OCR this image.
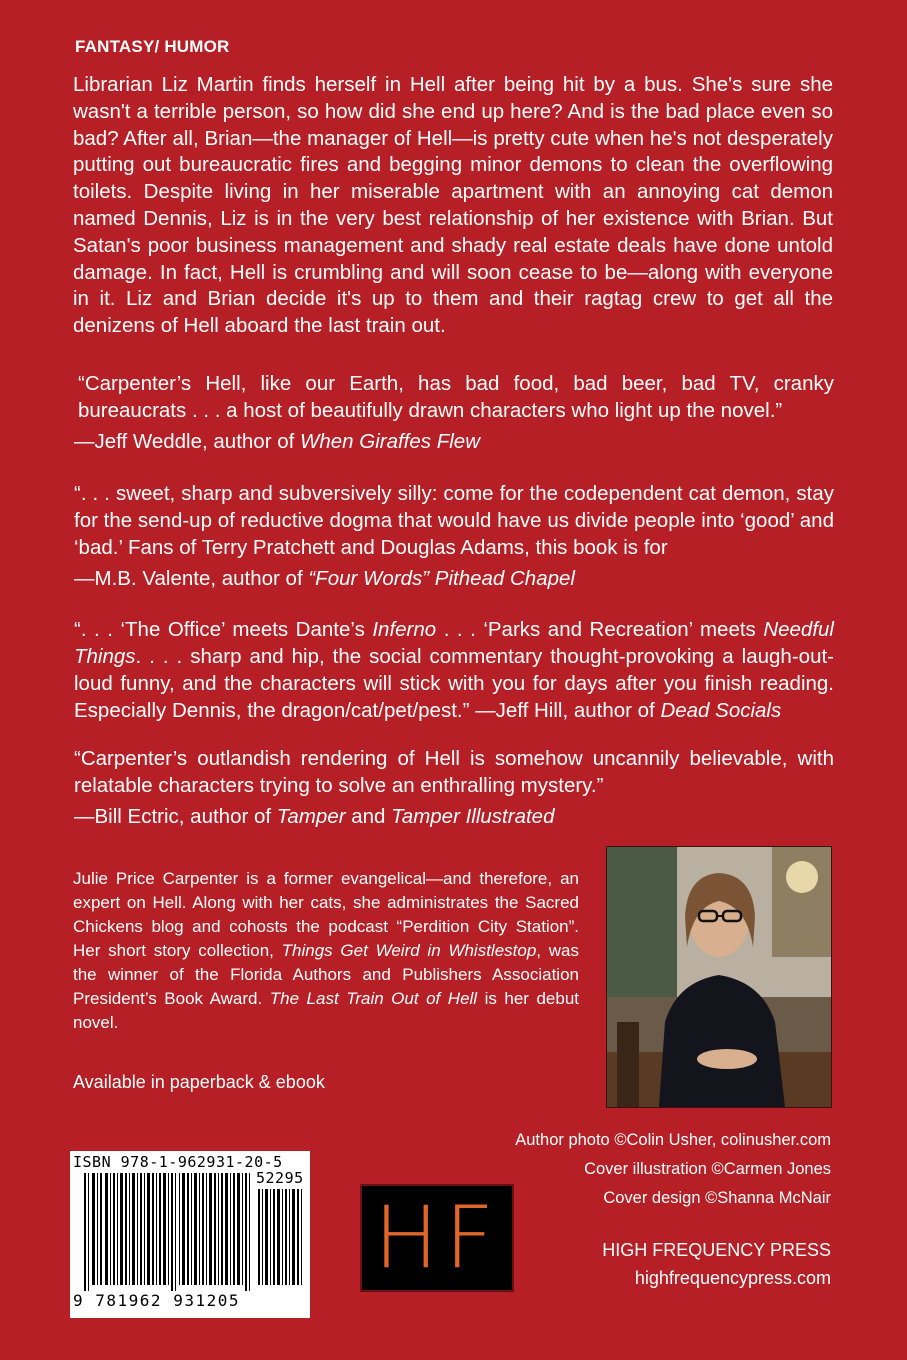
FANTASY/ HUMOR
Librarian Liz Martin finds herself in Hell after being hit by a bus. She's sure she wasn't a terrible person, so how did she end up here? And is the bad place even so bad? After all, Brian—the manager of Hell—is pretty cute when he's not desperately putting out bureaucratic fires and begging minor demons to clean the overflowing toilets. Despite living in her miserable apartment with an annoying cat demon named Dennis, Liz is in the very best relationship of her existence with Brian. But Satan's poor business management and shady real estate deals have done untold damage. In fact, Hell is crumbling and will soon cease to be—along with everyone in it. Liz and Brian decide it's up to them and their ragtag crew to get all the denizens of Hell aboard the last train out.
“Carpenter’s Hell, like our Earth, has bad food, bad beer, bad TV, cranky bureaucrats . . . a host of beautifully drawn characters who light up the novel.”
—Jeff Weddle, author of When Giraffes Flew
“. . . sweet, sharp and subversively silly: come for the codependent cat demon, stay for the send-up of reductive dogma that would have us divide people into ‘good’ and ‘bad.’ Fans of Terry Pratchett and Douglas Adams, this book is for
—M.B. Valente, author of “Four Words” Pithead Chapel
“. . . ‘The Office’ meets Dante’s Inferno . . . ‘Parks and Recreation’ meets Needful Things. . . . sharp and hip, the social commentary thought-provoking a laugh-out-loud funny, and the characters will stick with you for days after you finish reading. Especially Dennis, the dragon/cat/pet/pest.” —Jeff Hill, author of Dead Socials
“Carpenter’s outlandish rendering of Hell is somehow uncannily believable, with relatable characters trying to solve an enthralling mystery.”
—Bill Ectric, author of Tamper and Tamper Illustrated
Julie Price Carpenter is a former evangelical—and therefore, an expert on Hell. Along with her cats, she administrates the Sacred Chickens blog and cohosts the podcast “Perdition City Station”. Her short story collection, Things Get Weird in Whistlestop, was the winner of the Florida Authors and Publishers Association President’s Book Award. The Last Train Out of Hell is her debut novel.
Available in paperback & ebook
Author photo ©Colin Usher, colinusher.com
Cover illustration ©Carmen Jones
Cover design ©Shanna McNair
ISBN 978-1-962931-20-5
52295
9 781962 931205
HF	HIGH FREQUENCY PRESS
highfrequencypress.com
